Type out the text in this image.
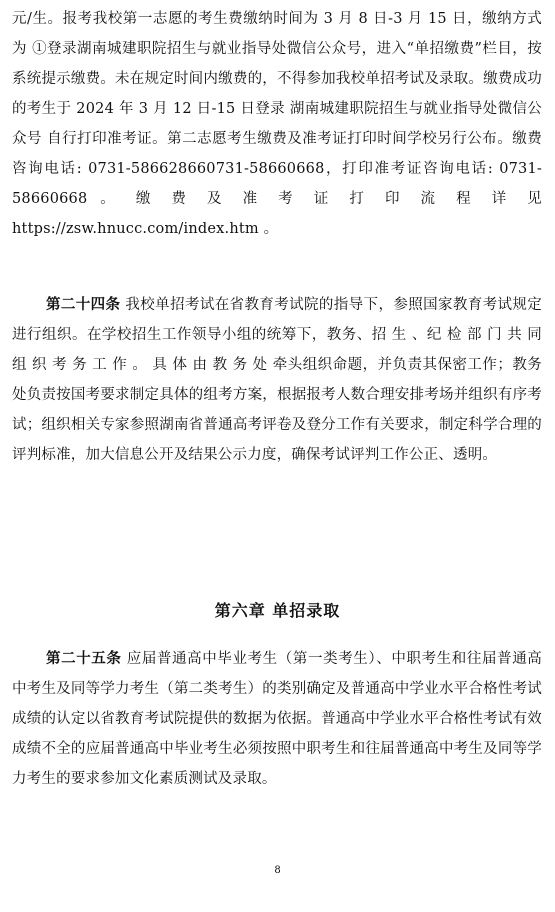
元/生。报考我校第一志愿的考生费缴纳时间为 3 月 8 日-3 月 15 日，缴纳方式为 ①登录湖南城建职院招生与就业指导处微信公众号，进入“单招缴费”栏目，按系统提示缴费。未在规定时间内缴费的，不得参加我校单招考试及录取。缴费成功的考生于 2024 年 3 月 12 日-15 日登录 湖南城建职院招生与就业指导处微信公众号 自行打印准考证。第二志愿考生缴费及准考证打印时间学校另行公布。缴费咨询电话: 0731-586628660731-58660668，打印准考证咨询电话: 0731-58660668 。 缴 费 及 准 考 证 打 印 流 程 详 见 https://zsw.hnucc.com/index.htm 。

第二十四条 我校单招考试在省教育考试院的指导下，参照国家教育考试规定进行组织。在学校招生工作领导小组的统筹下，教务、招 生 、纪 检 部 门 共 同 组 织 考 务 工 作 。 具 体 由 教 务 处 牵头组织命题，并负责其保密工作；教务处负责按国考要求制定具体的组考方案，根据报考人数合理安排考场并组织有序考试；组织相关专家参照湖南省普通高考评卷及登分工作有关要求，制定科学合理的评判标准，加大信息公开及结果公示力度，确保考试评判工作公正、透明。

第六章 单招录取

第二十五条 应届普通高中毕业考生（第一类考生）、中职考生和往届普通高中考生及同等学力考生（第二类考生）的类别确定及普通高中学业水平合格性考试成绩的认定以省教育考试院提供的数据为依据。普通高中学业水平合格性考试有效成绩不全的应届普通高中毕业考生必须按照中职考生和往届普通高中考生及同等学力考生的要求参加文化素质测试及录取。

8
